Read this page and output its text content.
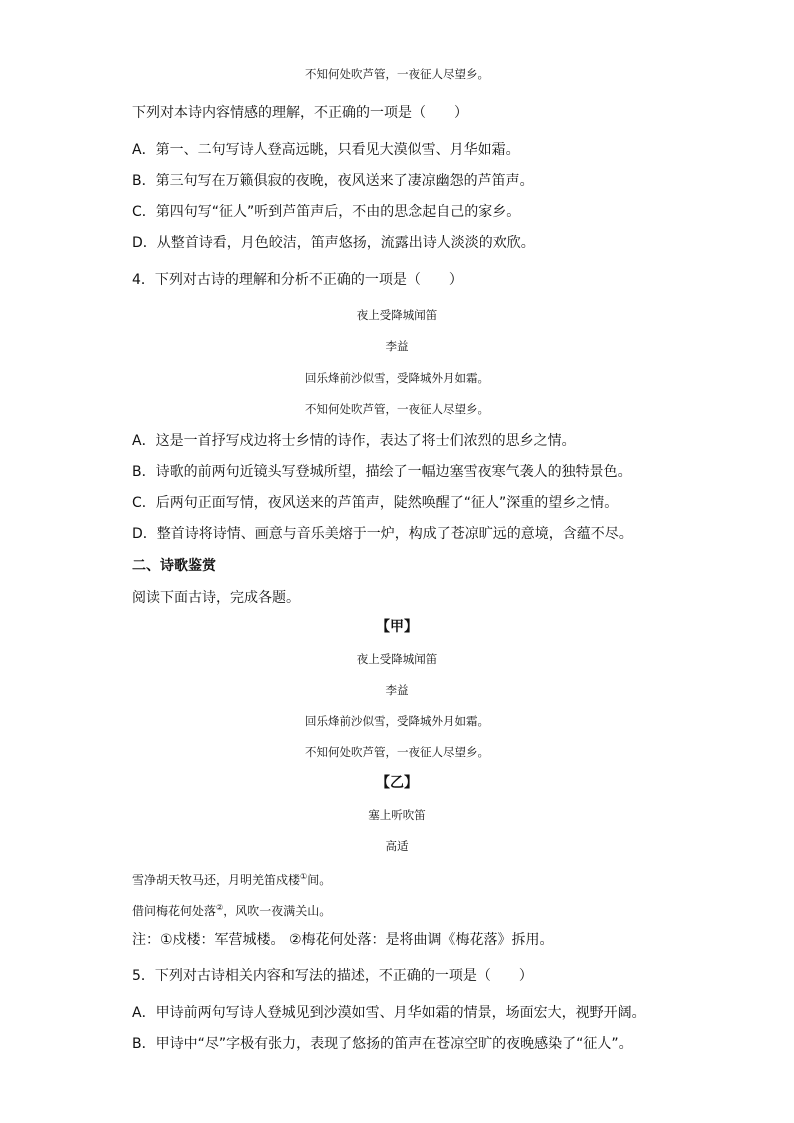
不知何处吹芦管，一夜征人尽望乡。
下列对本诗内容情感的理解，不正确的一项是（　　）
A．第一、二句写诗人登高远眺，只看见大漠似雪、月华如霜。
B．第三句写在万籁俱寂的夜晚，夜风送来了凄凉幽怨的芦笛声。
C．第四句写“征人”听到芦笛声后，不由的思念起自己的家乡。
D．从整首诗看，月色皎洁，笛声悠扬，流露出诗人淡淡的欢欣。
4．下列对古诗的理解和分析不正确的一项是（　　）
夜上受降城闻笛
李益
回乐烽前沙似雪，受降城外月如霜。
不知何处吹芦管，一夜征人尽望乡。
A．这是一首抒写戍边将士乡情的诗作，表达了将士们浓烈的思乡之情。
B．诗歌的前两句近镜头写登城所望，描绘了一幅边塞雪夜寒气袭人的独特景色。
C．后两句正面写情，夜风送来的芦笛声，陡然唤醒了“征人”深重的望乡之情。
D．整首诗将诗情、画意与音乐美熔于一炉，构成了苍凉旷远的意境，含蕴不尽。
二、诗歌鉴赏
阅读下面古诗，完成各题。
【甲】
夜上受降城闻笛
李益
回乐烽前沙似雪，受降城外月如霜。
不知何处吹芦管，一夜征人尽望乡。
【乙】
塞上听吹笛
高适
雪净胡天牧马还，月明羌笛戍楼①间。
借问梅花何处落②，风吹一夜满关山。
注：①戍楼：军营城楼。 ②梅花何处落：是将曲调《梅花落》拆用。
5．下列对古诗相关内容和写法的描述，不正确的一项是（　　）
A．甲诗前两句写诗人登城见到沙漠如雪、月华如霜的情景，场面宏大，视野开阔。
B．甲诗中“尽”字极有张力，表现了悠扬的笛声在苍凉空旷的夜晚感染了“征人”。
